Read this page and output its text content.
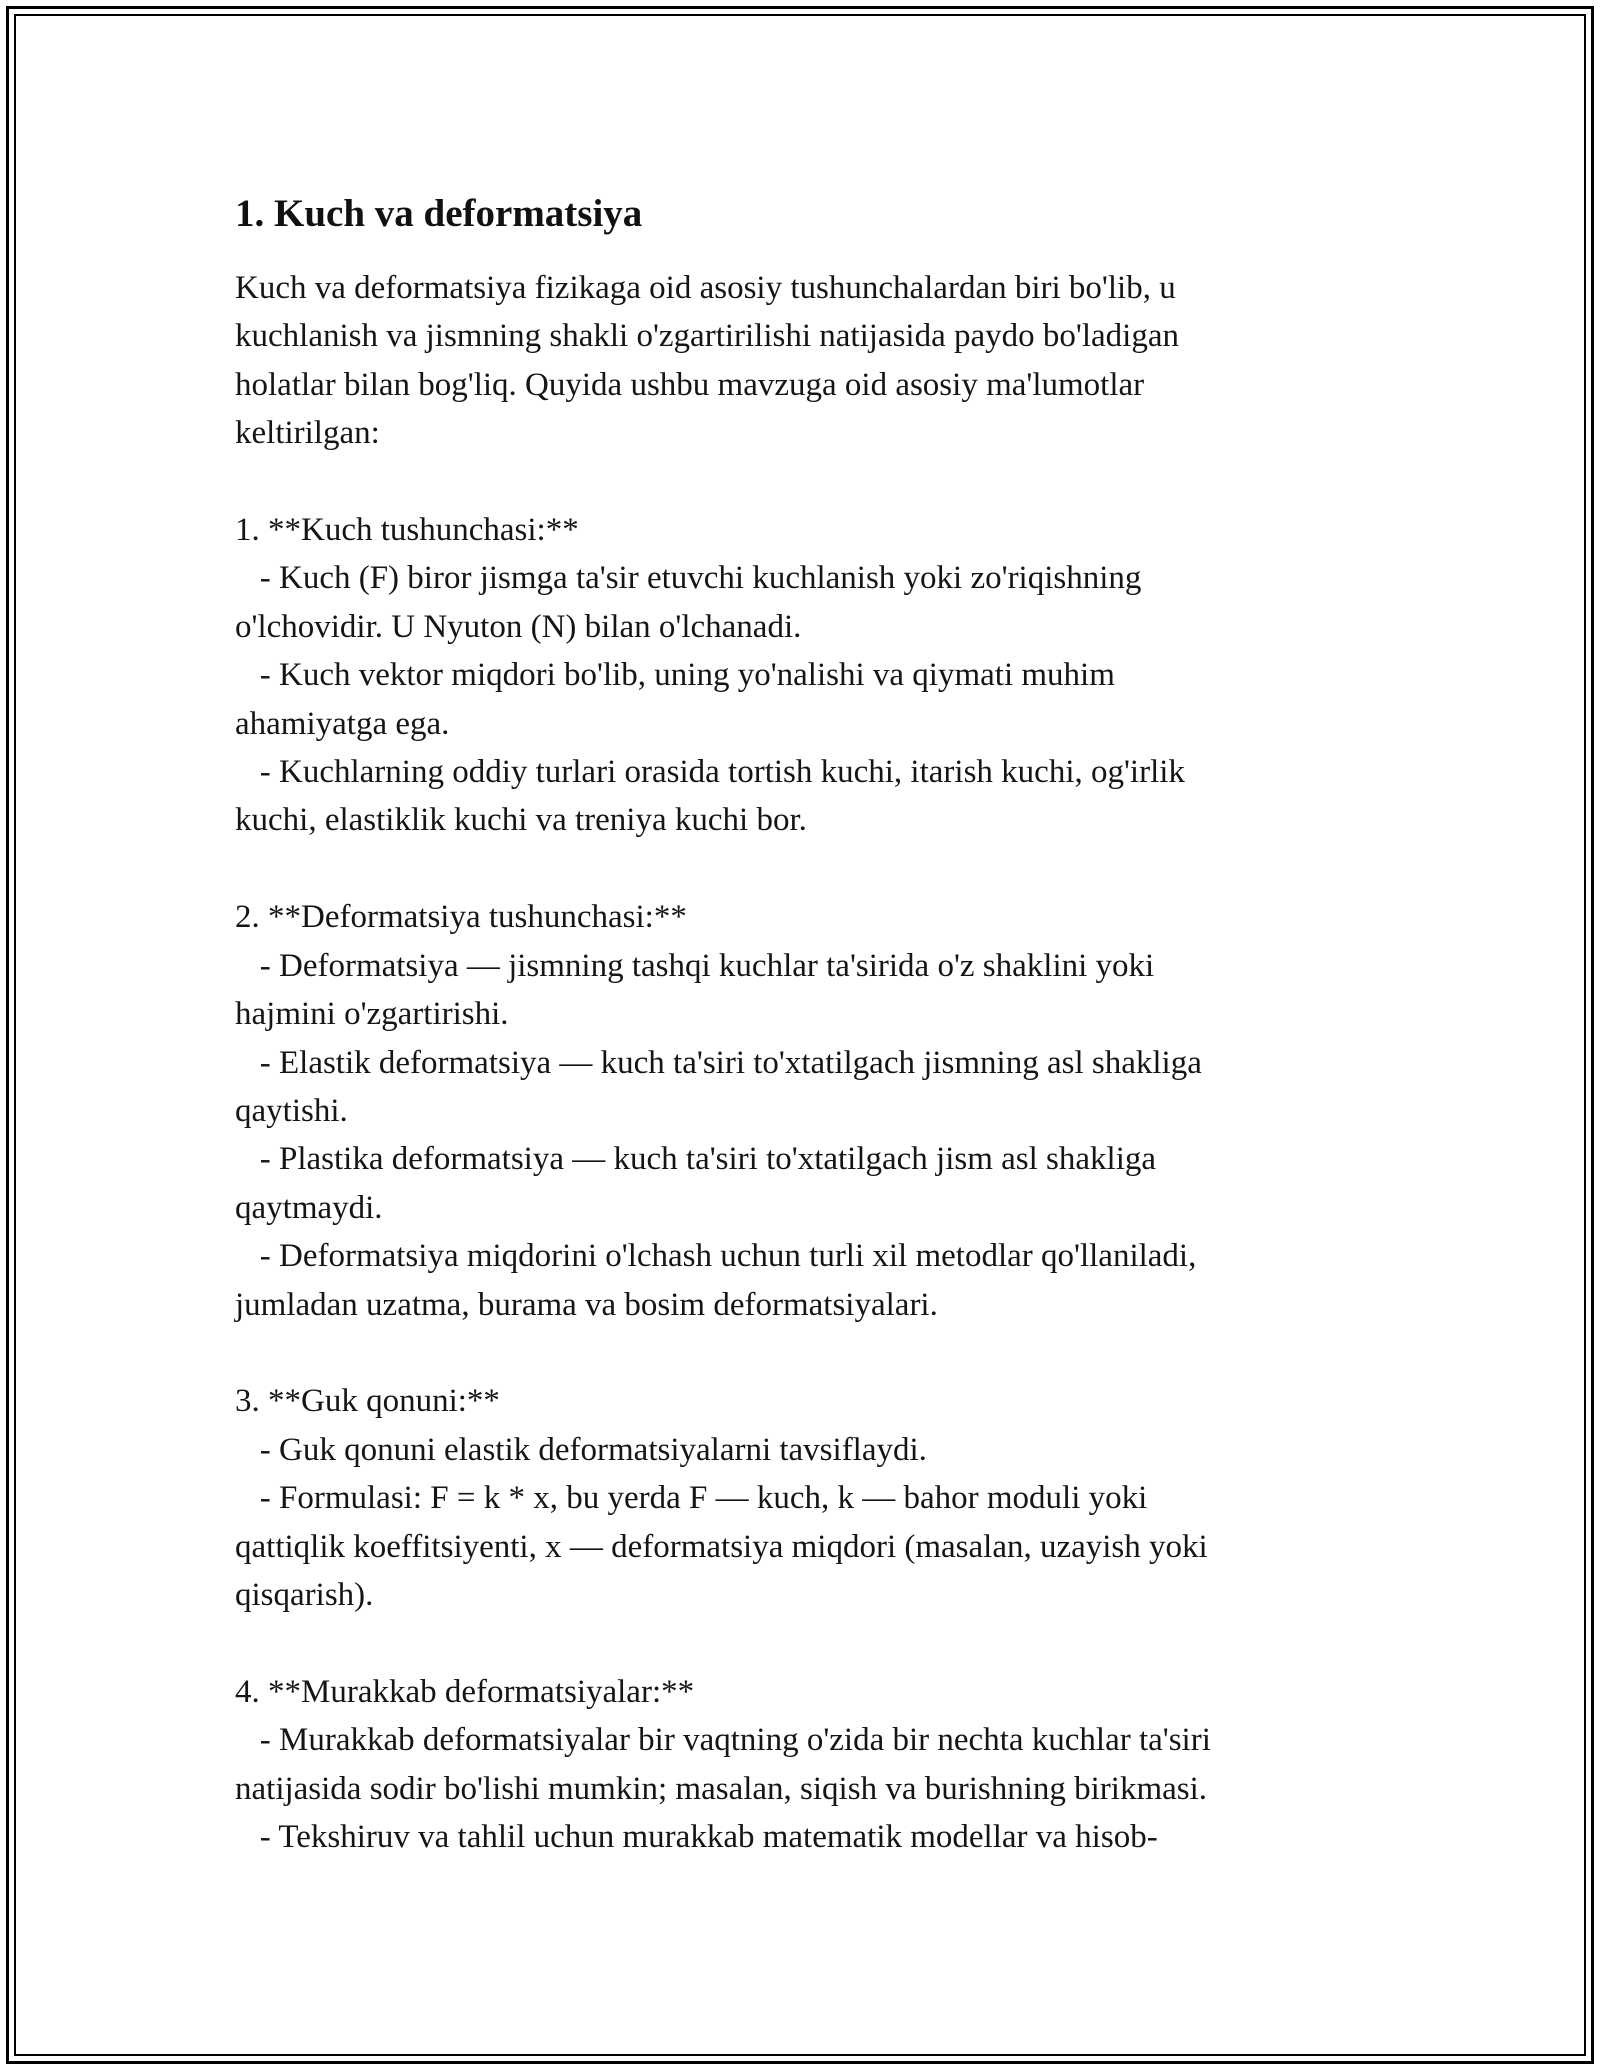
1. Kuch va deformatsiya

Kuch va deformatsiya fizikaga oid asosiy tushunchalardan biri bo'lib, u
kuchlanish va jismning shakli o'zgartirilishi natijasida paydo bo'ladigan
holatlar bilan bog'liq. Quyida ushbu mavzuga oid asosiy ma'lumotlar
keltirilgan:

1. **Kuch tushunchasi:**
- Kuch (F) biror jismga ta'sir etuvchi kuchlanish yoki zo'riqishning
o'lchovidir. U Nyuton (N) bilan o'lchanadi.
- Kuch vektor miqdori bo'lib, uning yo'nalishi va qiymati muhim
ahamiyatga ega.
- Kuchlarning oddiy turlari orasida tortish kuchi, itarish kuchi, og'irlik
kuchi, elastiklik kuchi va treniya kuchi bor.

2. **Deformatsiya tushunchasi:**
- Deformatsiya — jismning tashqi kuchlar ta'sirida o'z shaklini yoki
hajmini o'zgartirishi.
- Elastik deformatsiya — kuch ta'siri to'xtatilgach jismning asl shakliga
qaytishi.
- Plastika deformatsiya — kuch ta'siri to'xtatilgach jism asl shakliga
qaytmaydi.
- Deformatsiya miqdorini o'lchash uchun turli xil metodlar qo'llaniladi,
jumladan uzatma, burama va bosim deformatsiyalari.

3. **Guk qonuni:**
- Guk qonuni elastik deformatsiyalarni tavsiflaydi.
- Formulasi: F = k * x, bu yerda F — kuch, k — bahor moduli yoki
qattiqlik koeffitsiyenti, x — deformatsiya miqdori (masalan, uzayish yoki
qisqarish).

4. **Murakkab deformatsiyalar:**
- Murakkab deformatsiyalar bir vaqtning o'zida bir nechta kuchlar ta'siri
natijasida sodir bo'lishi mumkin; masalan, siqish va burishning birikmasi.
- Tekshiruv va tahlil uchun murakkab matematik modellar va hisob-
